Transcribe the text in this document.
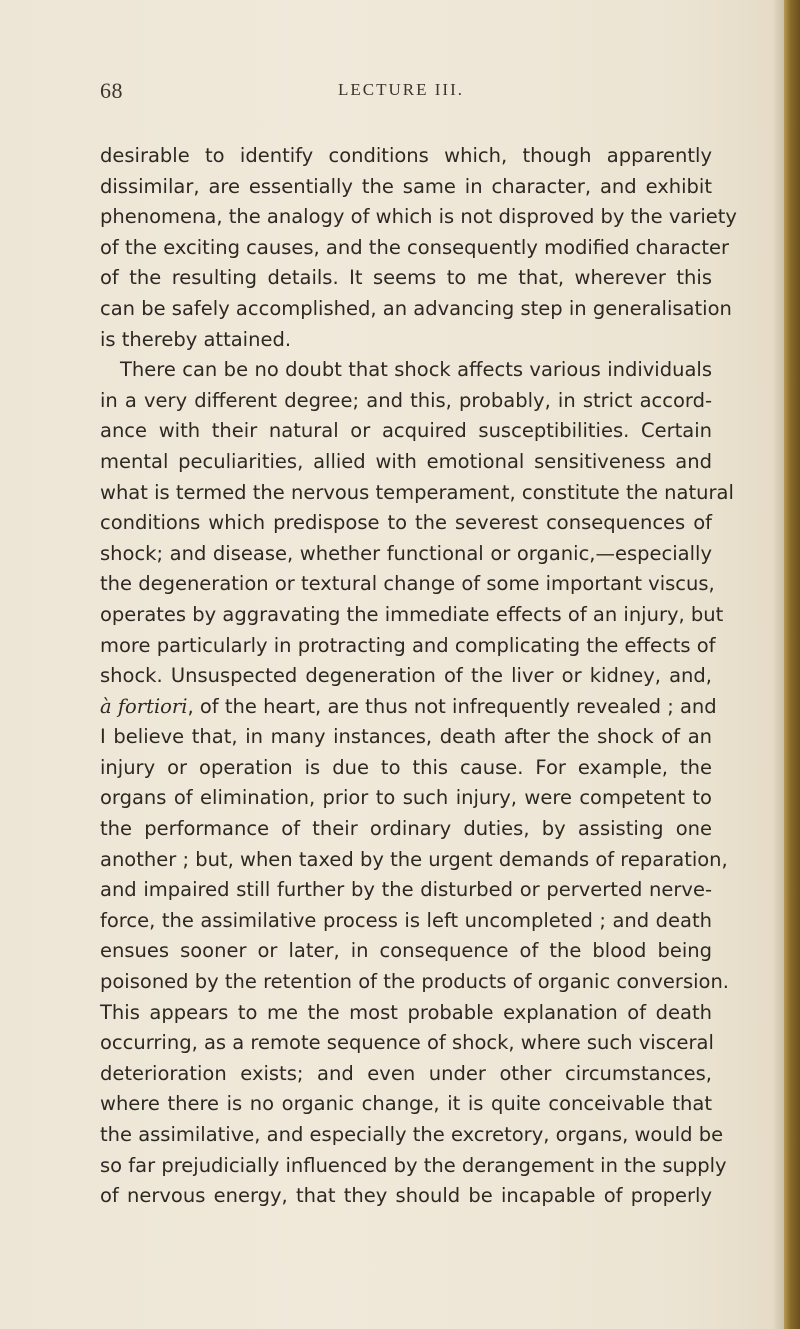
68	LECTURE III.
desirable to identify conditions which, though apparently
dissimilar, are essentially the same in character, and exhibit
phenomena, the analogy of which is not disproved by the variety
of the exciting causes, and the consequently modified character
of the resulting details. It seems to me that, wherever this
can be safely accomplished, an advancing step in generalisation
is thereby attained.
There can be no doubt that shock affects various individuals
in a very different degree; and this, probably, in strict accord-
ance with their natural or acquired susceptibilities. Certain
mental peculiarities, allied with emotional sensitiveness and
what is termed the nervous temperament, constitute the natural
conditions which predispose to the severest consequences of
shock; and disease, whether functional or organic,—especially
the degeneration or textural change of some important viscus,
operates by aggravating the immediate effects of an injury, but
more particularly in protracting and complicating the effects of
shock. Unsuspected degeneration of the liver or kidney, and,
à fortiori, of the heart, are thus not infrequently revealed ; and
I believe that, in many instances, death after the shock of an
injury or operation is due to this cause. For example, the
organs of elimination, prior to such injury, were competent to
the performance of their ordinary duties, by assisting one
another ; but, when taxed by the urgent demands of reparation,
and impaired still further by the disturbed or perverted nerve-
force, the assimilative process is left uncompleted ; and death
ensues sooner or later, in consequence of the blood being
poisoned by the retention of the products of organic conversion.
This appears to me the most probable explanation of death
occurring, as a remote sequence of shock, where such visceral
deterioration exists; and even under other circumstances,
where there is no organic change, it is quite conceivable that
the assimilative, and especially the excretory, organs, would be
so far prejudicially influenced by the derangement in the supply
of nervous energy, that they should be incapable of properly
